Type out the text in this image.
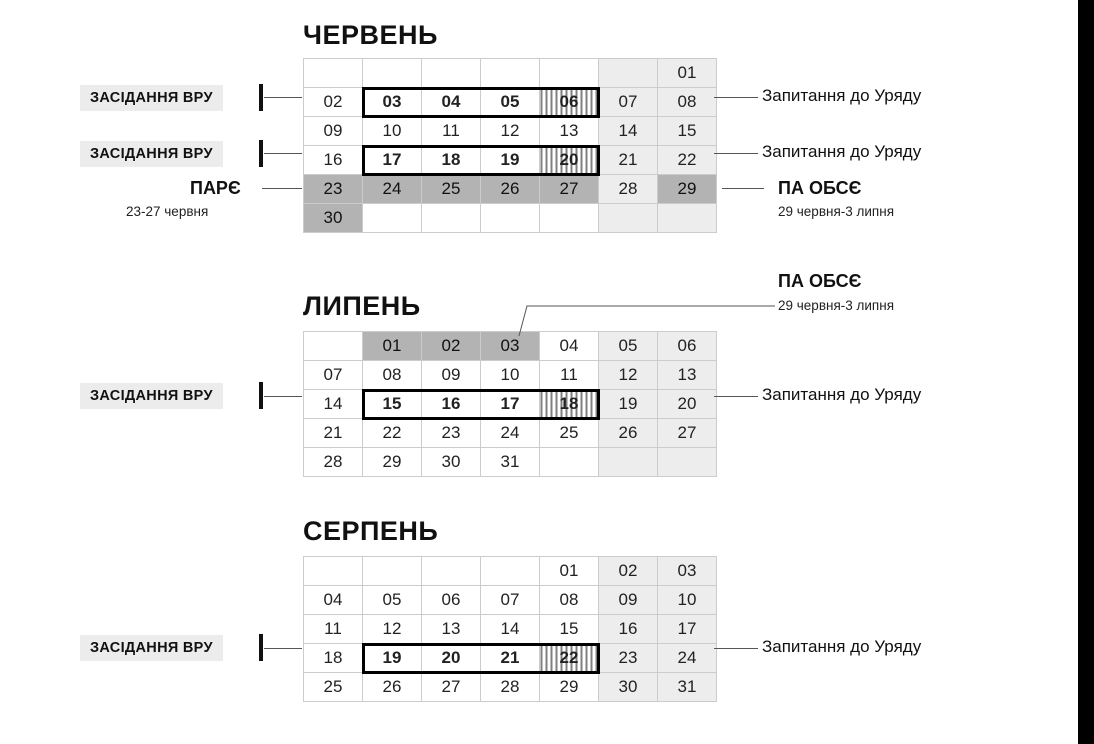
ЧЕРВЕНЬ
						01
02	03	04	05	06	07	08
09	10	11	12	13	14	15
16	17	18	19	20	21	22
23	24	25	26	27	28	29
30						
ЗАСІДАННЯ ВРУ
ЗАСІДАННЯ ВРУ
Запитання до Уряду
Запитання до Уряду
ПАРЄ
23-27 червня
ПА ОБСЄ
29 червня-3 липня
ЛИПЕНЬ
	01	02	03	04	05	06
07	08	09	10	11	12	13
14	15	16	17	18	19	20
21	22	23	24	25	26	27
28	29	30	31			
ПА ОБСЄ
29 червня-3 липня
ЗАСІДАННЯ ВРУ	Запитання до Уряду
СЕРПЕНЬ
				01	02	03
04	05	06	07	08	09	10
11	12	13	14	15	16	17
18	19	20	21	22	23	24
25	26	27	28	29	30	31
ЗАСІДАННЯ ВРУ	Запитання до Уряду
